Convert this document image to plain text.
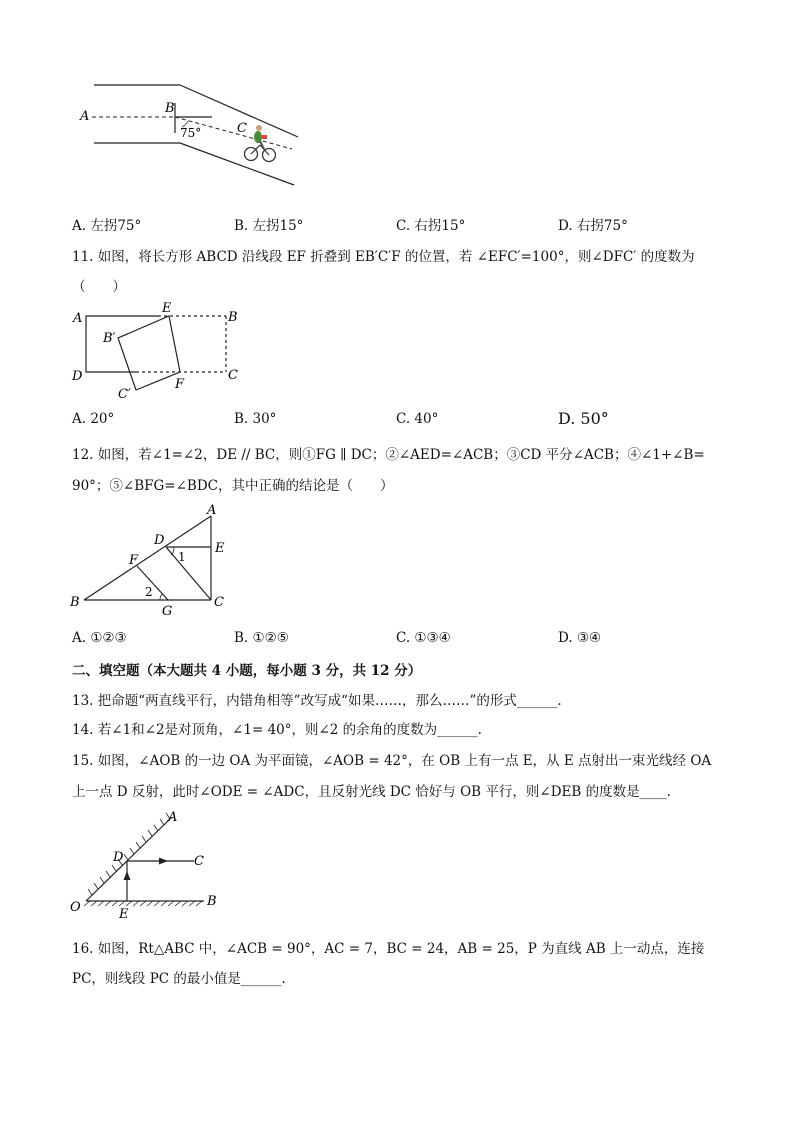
A
B
C
75°
A. 左拐75°	B. 左拐15°	C. 右拐15°	D. 右拐75°
11. 如图，将长方形 ABCD 沿线段 EF 折叠到 EB′C′F 的位置，若 ∠EFC′=100°，则∠DFC′ 的度数为
（　　）
A
E
B
B′
D
C′
F
C
A. 20°	B. 30°	C. 40°	D. 50°
12. 如图，若∠1=∠2，DE // BC，则①FG ∥ DC；②∠AED=∠ACB；③CD 平分∠ACB；④∠1+∠B=
90°；⑤∠BFG=∠BDC，其中正确的结论是（　　）
A
D
E
F	1
2
B
G
C
A. ①②③	B. ①②⑤	C. ①③④	D. ③④
二、填空题（本大题共 4 小题，每小题 3 分，共 12 分）
13. 把命题“两直线平行，内错角相等”改写成“如果……，那么……”的形式______.
14. 若∠1和∠2是对顶角，∠1= 40°，则∠2 的余角的度数为______.
15. 如图，∠AOB 的一边 OA 为平面镜，∠AOB = 42°，在 OB 上有一点 E，从 E 点射出一束光线经 OA
上一点 D 反射，此时∠ODE = ∠ADC，且反射光线 DC 恰好与 OB 平行，则∠DEB 的度数是____.
A
D	C
O	E
B
16. 如图，Rt△ABC 中，∠ACB = 90°，AC = 7，BC = 24，AB = 25，P 为直线 AB 上一动点，连接
PC，则线段 PC 的最小值是______.
